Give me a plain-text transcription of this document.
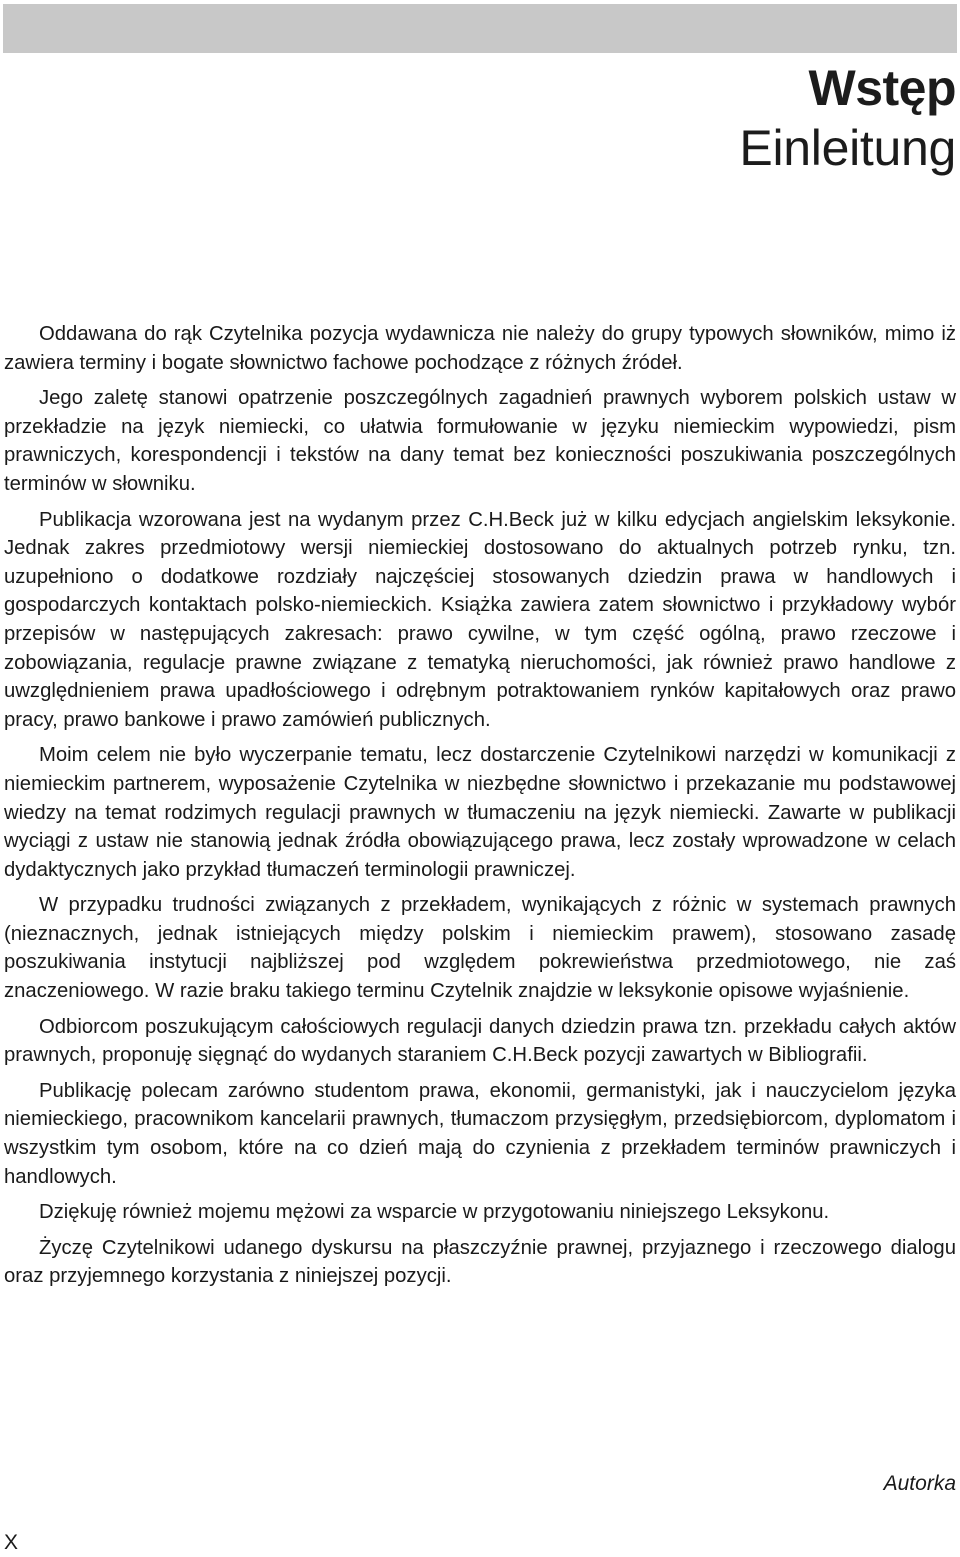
Wstęp
Einleitung

Oddawana do rąk Czytelnika pozycja wydawnicza nie należy do grupy typowych słowników, mimo iż zawiera terminy i bogate słownictwo fachowe pochodzące z różnych źródeł.

Jego zaletę stanowi opatrzenie poszczególnych zagadnień prawnych wyborem polskich ustaw w przekładzie na język niemiecki, co ułatwia formułowanie w języku niemieckim wypowiedzi, pism prawniczych, korespondencji i tekstów na dany temat bez konieczności poszukiwania poszczególnych terminów w słowniku.

Publikacja wzorowana jest na wydanym przez C.H.Beck już w kilku edycjach angielskim leksykonie. Jednak zakres przedmiotowy wersji niemieckiej dostosowano do aktualnych potrzeb rynku, tzn. uzupełniono o dodatkowe rozdziały najczęściej stosowanych dziedzin prawa w handlowych i gospodarczych kontaktach polsko-niemieckich. Książka zawiera zatem słownictwo i przykładowy wybór przepisów w następujących zakresach: prawo cywilne, w tym część ogólną, prawo rzeczowe i zobowiązania, regulacje prawne związane z tematyką nieruchomości, jak również prawo handlowe z uwzględnieniem prawa upadłościowego i odrębnym potraktowaniem rynków kapitałowych oraz prawo pracy, prawo bankowe i prawo zamówień publicznych.

Moim celem nie było wyczerpanie tematu, lecz dostarczenie Czytelnikowi narzędzi w komunikacji z niemieckim partnerem, wyposażenie Czytelnika w niezbędne słownictwo i przekazanie mu podstawowej wiedzy na temat rodzimych regulacji prawnych w tłumaczeniu na język niemiecki. Zawarte w publikacji wyciągi z ustaw nie stanowią jednak źródła obowiązującego prawa, lecz zostały wprowadzone w celach dydaktycznych jako przykład tłumaczeń terminologii prawniczej.

W przypadku trudności związanych z przekładem, wynikających z różnic w systemach prawnych (nieznacznych, jednak istniejących między polskim i niemieckim prawem), stosowano zasadę poszukiwania instytucji najbliższej pod względem pokrewieństwa przedmiotowego, nie zaś znaczeniowego. W razie braku takiego terminu Czytelnik znajdzie w leksykonie opisowe wyjaśnienie.

Odbiorcom poszukującym całościowych regulacji danych dziedzin prawa tzn. przekładu całych aktów prawnych, proponuję sięgnąć do wydanych staraniem C.H.Beck pozycji zawartych w Bibliografii.

Publikację polecam zarówno studentom prawa, ekonomii, germanistyki, jak i nauczycielom języka niemieckiego, pracownikom kancelarii prawnych, tłumaczom przysięgłym, przedsiębiorcom, dyplomatom i wszystkim tym osobom, które na co dzień mają do czynienia z przekładem terminów prawniczych i handlowych.

Dziękuję również mojemu mężowi za wsparcie w przygotowaniu niniejszego Leksykonu.

Życzę Czytelnikowi udanego dyskursu na płaszczyźnie prawnej, przyjaznego i rzeczowego dialogu oraz przyjemnego korzystania z niniejszej pozycji.

Autorka
X
